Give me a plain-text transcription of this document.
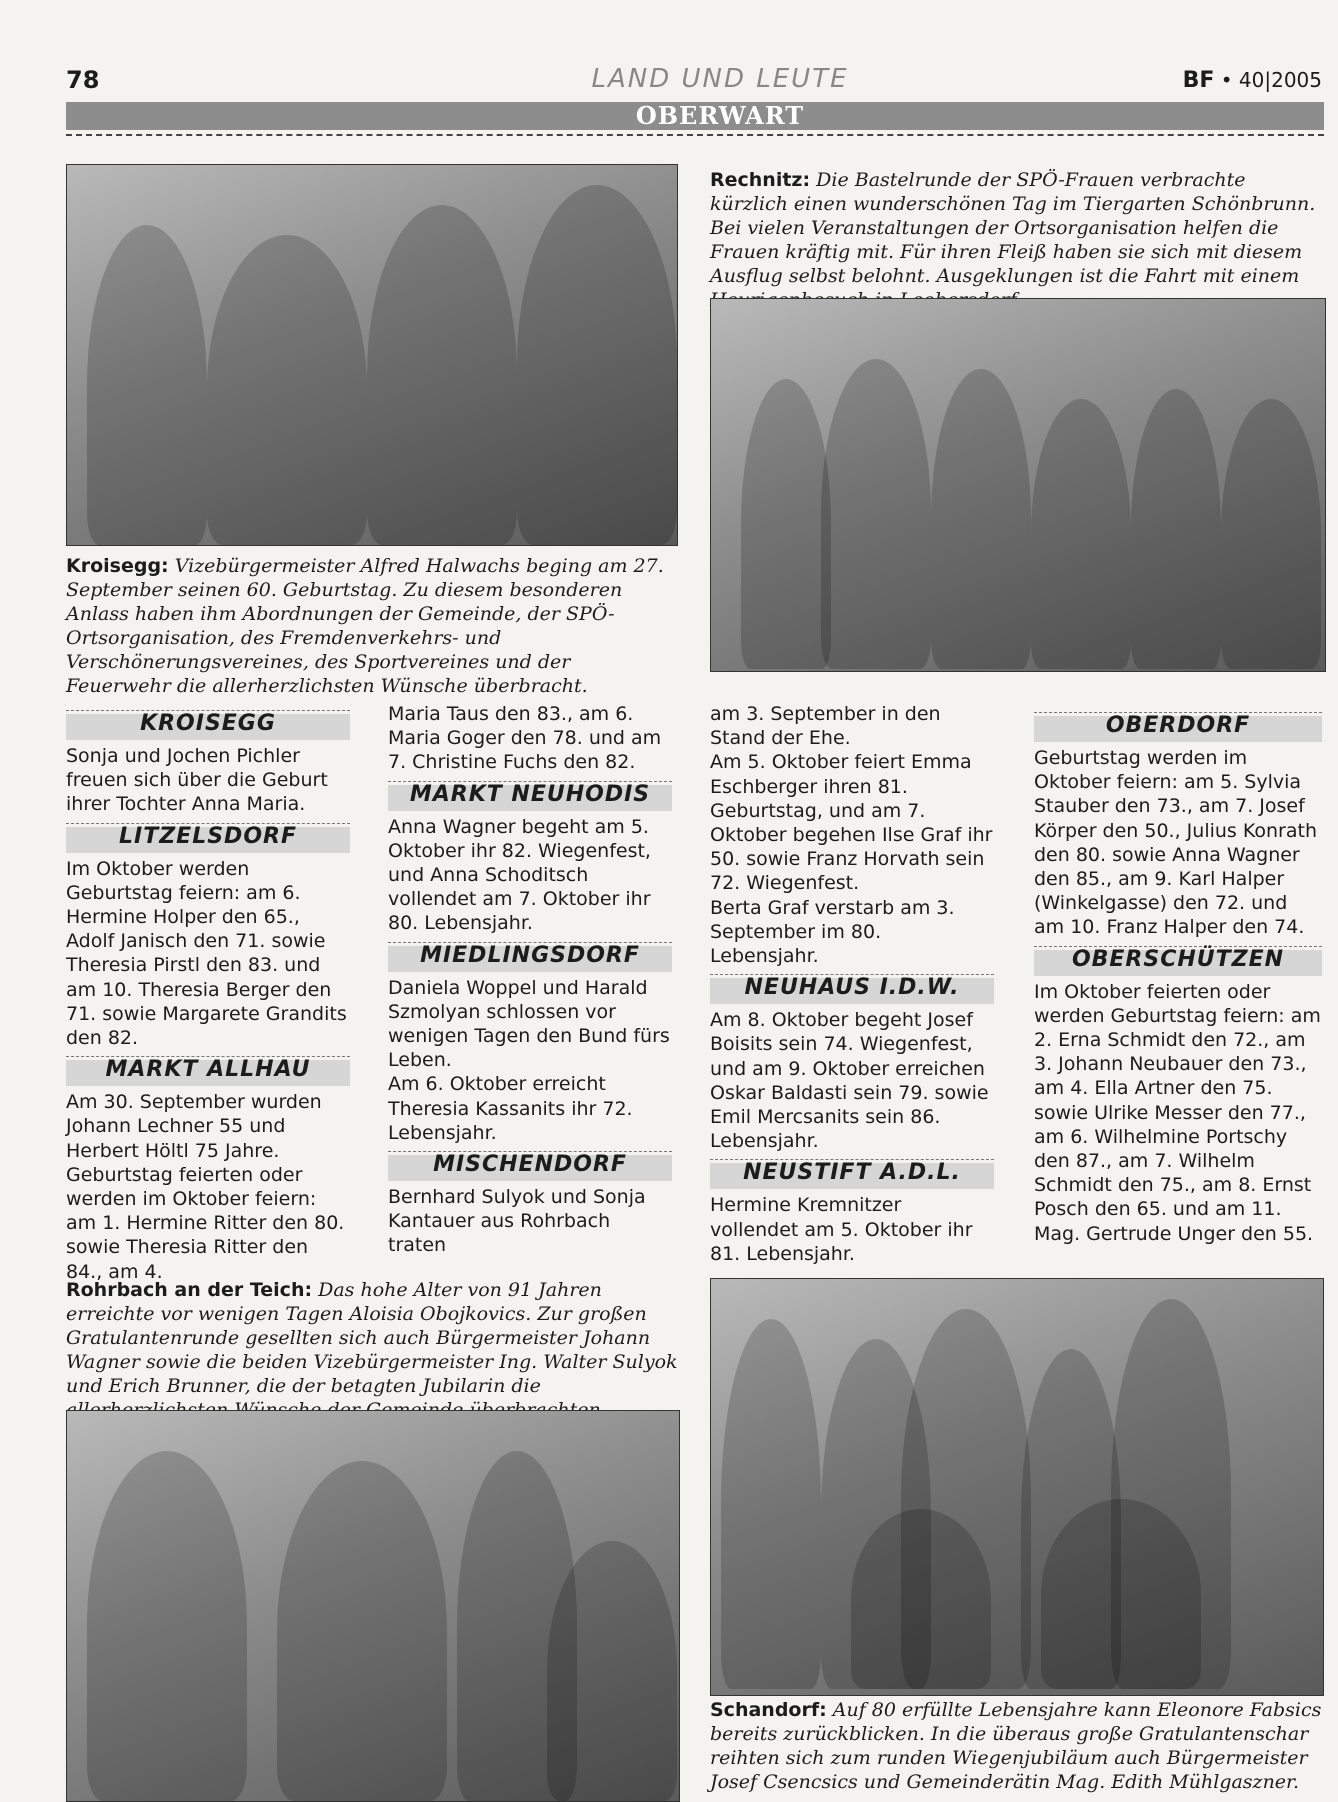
78	LAND UND LEUTE	BF • 40|2005
OBERWART
Rechnitz: Die Bastelrunde der SPÖ-Frauen verbrachte kürzlich einen wunderschönen Tag im Tiergarten Schönbrunn. Bei vielen Veranstaltungen der Ortsorganisation helfen die Frauen kräftig mit. Für ihren Fleiß haben sie sich mit diesem Ausflug selbst belohnt. Ausgeklungen ist die Fahrt mit einem
Kroisegg: Vizebürgermeister Alfred Halwachs beging am 27. September seinen 60. Geburtstag. Zu diesem besonderen Anlass haben ihm Abordnungen der Gemeinde, der SPÖ-Ortsorganisation, des Fremdenverkehrs- und Verschönerungsvereines, des Sportvereines und der Feuerwehr die allerherzlichsten Wünsche überbracht.
KROISEGG

Sonja und Jochen Pichler freuen sich über die Geburt ihrer Tochter Anna Maria.

LITZELSDORF

Im Oktober werden Geburtstag feiern: am 6. Hermine Holper den 65., Adolf Janisch den 71. sowie Theresia Pirstl den 83. und am 10. Theresia Berger den 71. sowie Margarete Grandits den 82.

MARKT ALLHAU

Am 30. September wurden Johann Lechner 55 und Herbert Höltl 75 Jahre.

Geburtstag feierten oder werden im Oktober feiern: am 1. Hermine Ritter den 80. sowie Theresia Ritter den 84., am 4.

Maria Taus den 83., am 6. Maria Goger den 78. und am 7. Christine Fuchs den 82.

MARKT NEUHODIS

Anna Wagner begeht am 5. Oktober ihr 82. Wiegenfest, und Anna Schoditsch vollendet am 7. Oktober ihr 80. Lebensjahr.

MIEDLINGSDORF

Daniela Woppel und Harald Szmolyan schlossen vor wenigen Tagen den Bund fürs Leben.

Am 6. Oktober erreicht Theresia Kassanits ihr 72. Lebensjahr.

MISCHENDORF

Bernhard Sulyok und Sonja Kantauer aus Rohrbach traten

am 3. September in den Stand der Ehe.

Am 5. Oktober feiert Emma Eschberger ihren 81. Geburtstag, und am 7. Oktober begehen Ilse Graf ihr 50. sowie Franz Horvath sein 72. Wiegenfest.

Berta Graf verstarb am 3. September im 80. Lebensjahr.

NEUHAUS I.D.W.

Am 8. Oktober begeht Josef Boisits sein 74. Wiegenfest, und am 9. Oktober erreichen Oskar Baldasti sein 79. sowie Emil Mercsanits sein 86. Lebensjahr.

NEUSTIFT A.D.L.

Hermine Kremnitzer vollendet am 5. Oktober ihr 81. Lebensjahr.

OBERDORF

Geburtstag werden im Oktober feiern: am 5. Sylvia Stauber den 73., am 7. Josef Körper den 50., Julius Konrath den 80. sowie Anna Wagner den 85., am 9. Karl Halper (Winkelgasse) den 72. und am 10. Franz Halper den 74.

OBERSCHÜTZEN

Im Oktober feierten oder werden Geburtstag feiern: am 2. Erna Schmidt den 72., am 3. Johann Neubauer den 73., am 4. Ella Artner den 75. sowie Ulrike Messer den 77., am 6. Wilhelmine Portschy den 87., am 7. Wilhelm Schmidt den 75., am 8. Ernst Posch den 65. und am 11. Mag. Gertrude Unger den 55.

Rohrbach an der Teich: Das hohe Alter von 91 Jahren erreichte vor wenigen Tagen Aloisia Obojkovics. Zur großen Gratulantenrunde gesellten sich auch Bürgermeister Johann Wagner sowie die beiden Vizebürgermeister Ing. Walter Sulyok und Erich Brunner, die der betagten Jubilarin die
Schandorf: Auf 80 erfüllte Lebensjahre kann Eleonore Fabsics bereits zurückblicken. In die überaus große Gratulantenschar reihten sich zum runden Wiegenjubiläum auch Bürgermeister Josef Csencsics und Gemeinderätin Mag. Edith Mühlgaszner.
